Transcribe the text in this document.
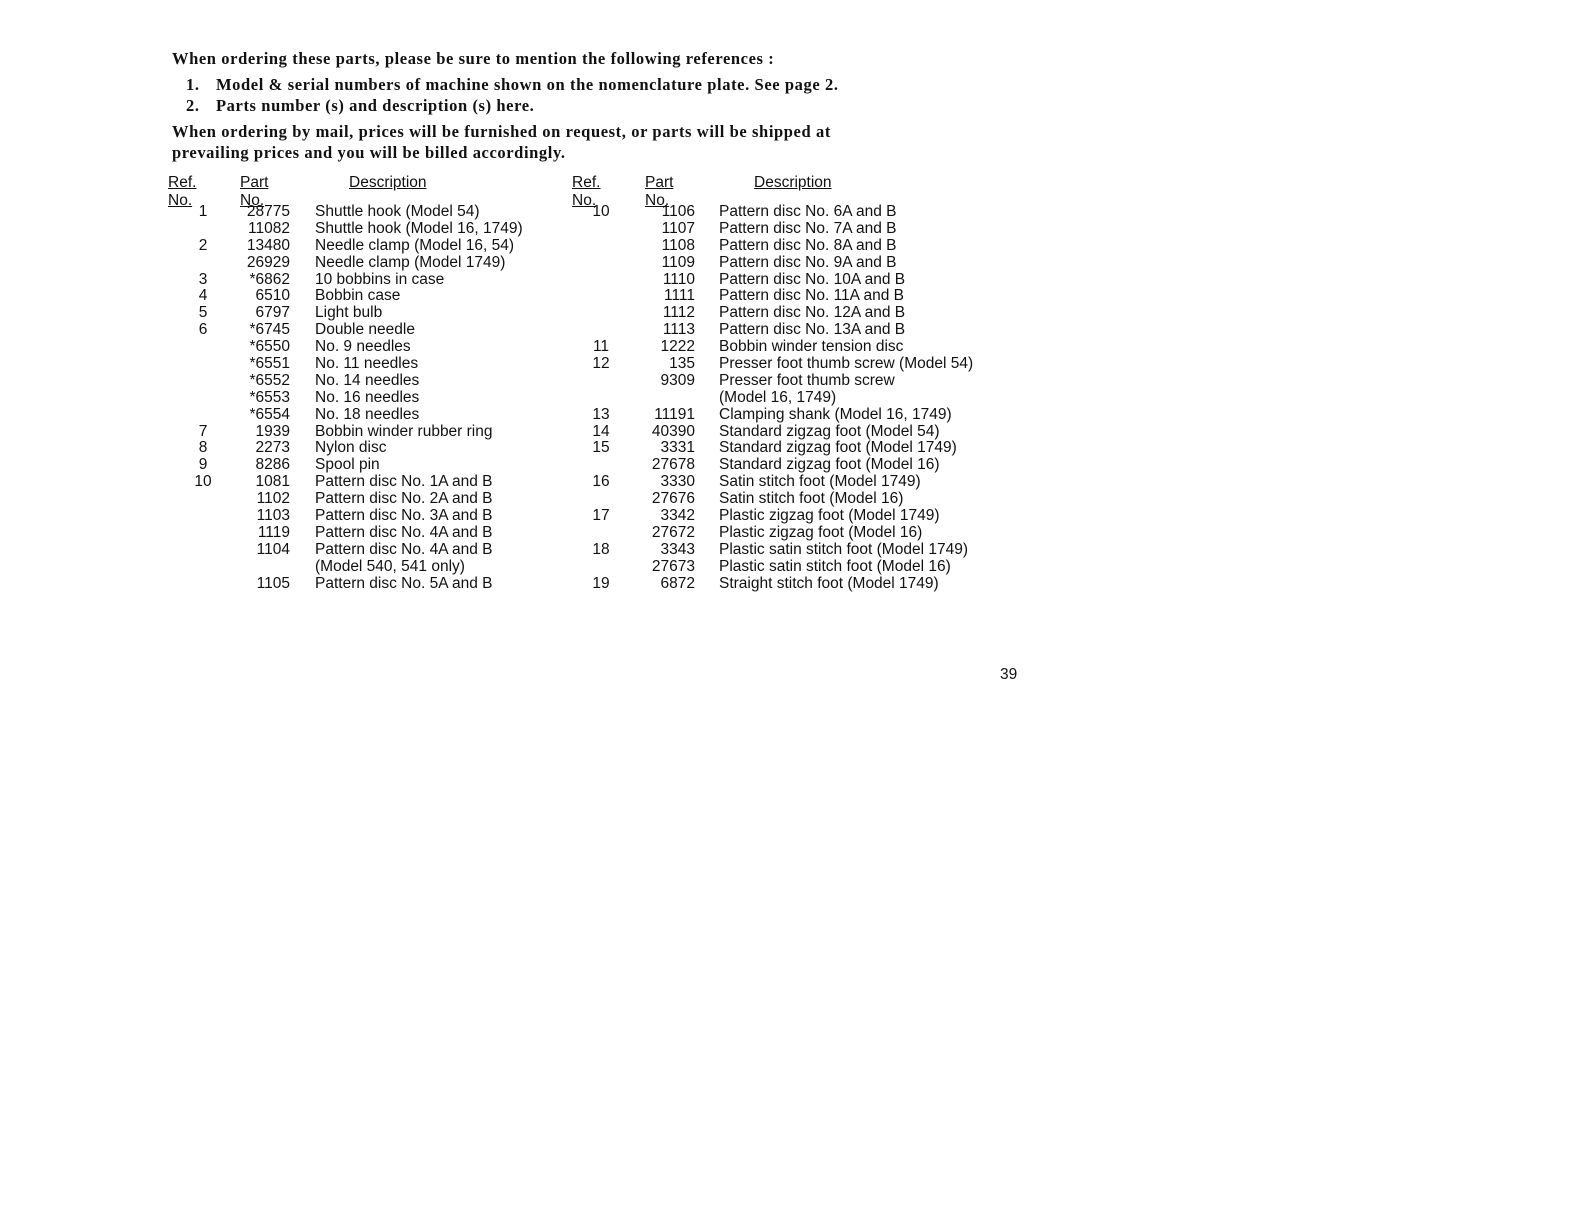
When ordering these parts, please be sure to mention the following references :
1. Model & serial numbers of machine shown on the nomenclature plate. See page 2.
2. Parts number (s) and description (s) here.
When ordering by mail, prices will be furnished on request, or parts will be shipped at
prevailing prices and you will be billed accordingly.
Ref. No.
Part No.
Description
1	28775 Shuttle hook (Model 54)
11082 Shuttle hook (Model 16, 1749)
2	13480 Needle clamp (Model 16, 54)
26929 Needle clamp (Model 1749)
3	*6862 10 bobbins in case
4	6510 Bobbin case
5	6797 Light bulb
6	*6745 Double needle
*6550 No. 9 needles
*6551 No. 11 needles
*6552 No. 14 needles
*6553 No. 16 needles
*6554 No. 18 needles
7	1939 Bobbin winder rubber ring
8	2273 Nylon disc
9	8286 Spool pin
10	1081 Pattern disc No. 1A and B
1102 Pattern disc No. 2A and B
1103 Pattern disc No. 3A and B
1119 Pattern disc No. 4A and B
1104 Pattern disc No. 4A and B
(Model 540, 541 only)
1105 Pattern disc No. 5A and B
Ref. No.
Part No.
Description
10	1106 Pattern disc No. 6A and B
1107 Pattern disc No. 7A and B
1108 Pattern disc No. 8A and B
1109 Pattern disc No. 9A and B
1110 Pattern disc No. 10A and B
1111 Pattern disc No. 11A and B
1112 Pattern disc No. 12A and B
1113 Pattern disc No. 13A and B
11	1222 Bobbin winder tension disc
12	135 Presser foot thumb screw (Model 54)
9309 Presser foot thumb screw
(Model 16, 1749)
13	11191 Clamping shank (Model 16, 1749)
14	40390 Standard zigzag foot (Model 54)
15	3331 Standard zigzag foot (Model 1749)
27678 Standard zigzag foot (Model 16)
16	3330 Satin stitch foot (Model 1749)
27676 Satin stitch foot (Model 16)
17	3342 Plastic zigzag foot (Model 1749)
27672 Plastic zigzag foot (Model 16)
18	3343 Plastic satin stitch foot (Model 1749)
27673 Plastic satin stitch foot (Model 16)
19	6872 Straight stitch foot (Model 1749)
39
